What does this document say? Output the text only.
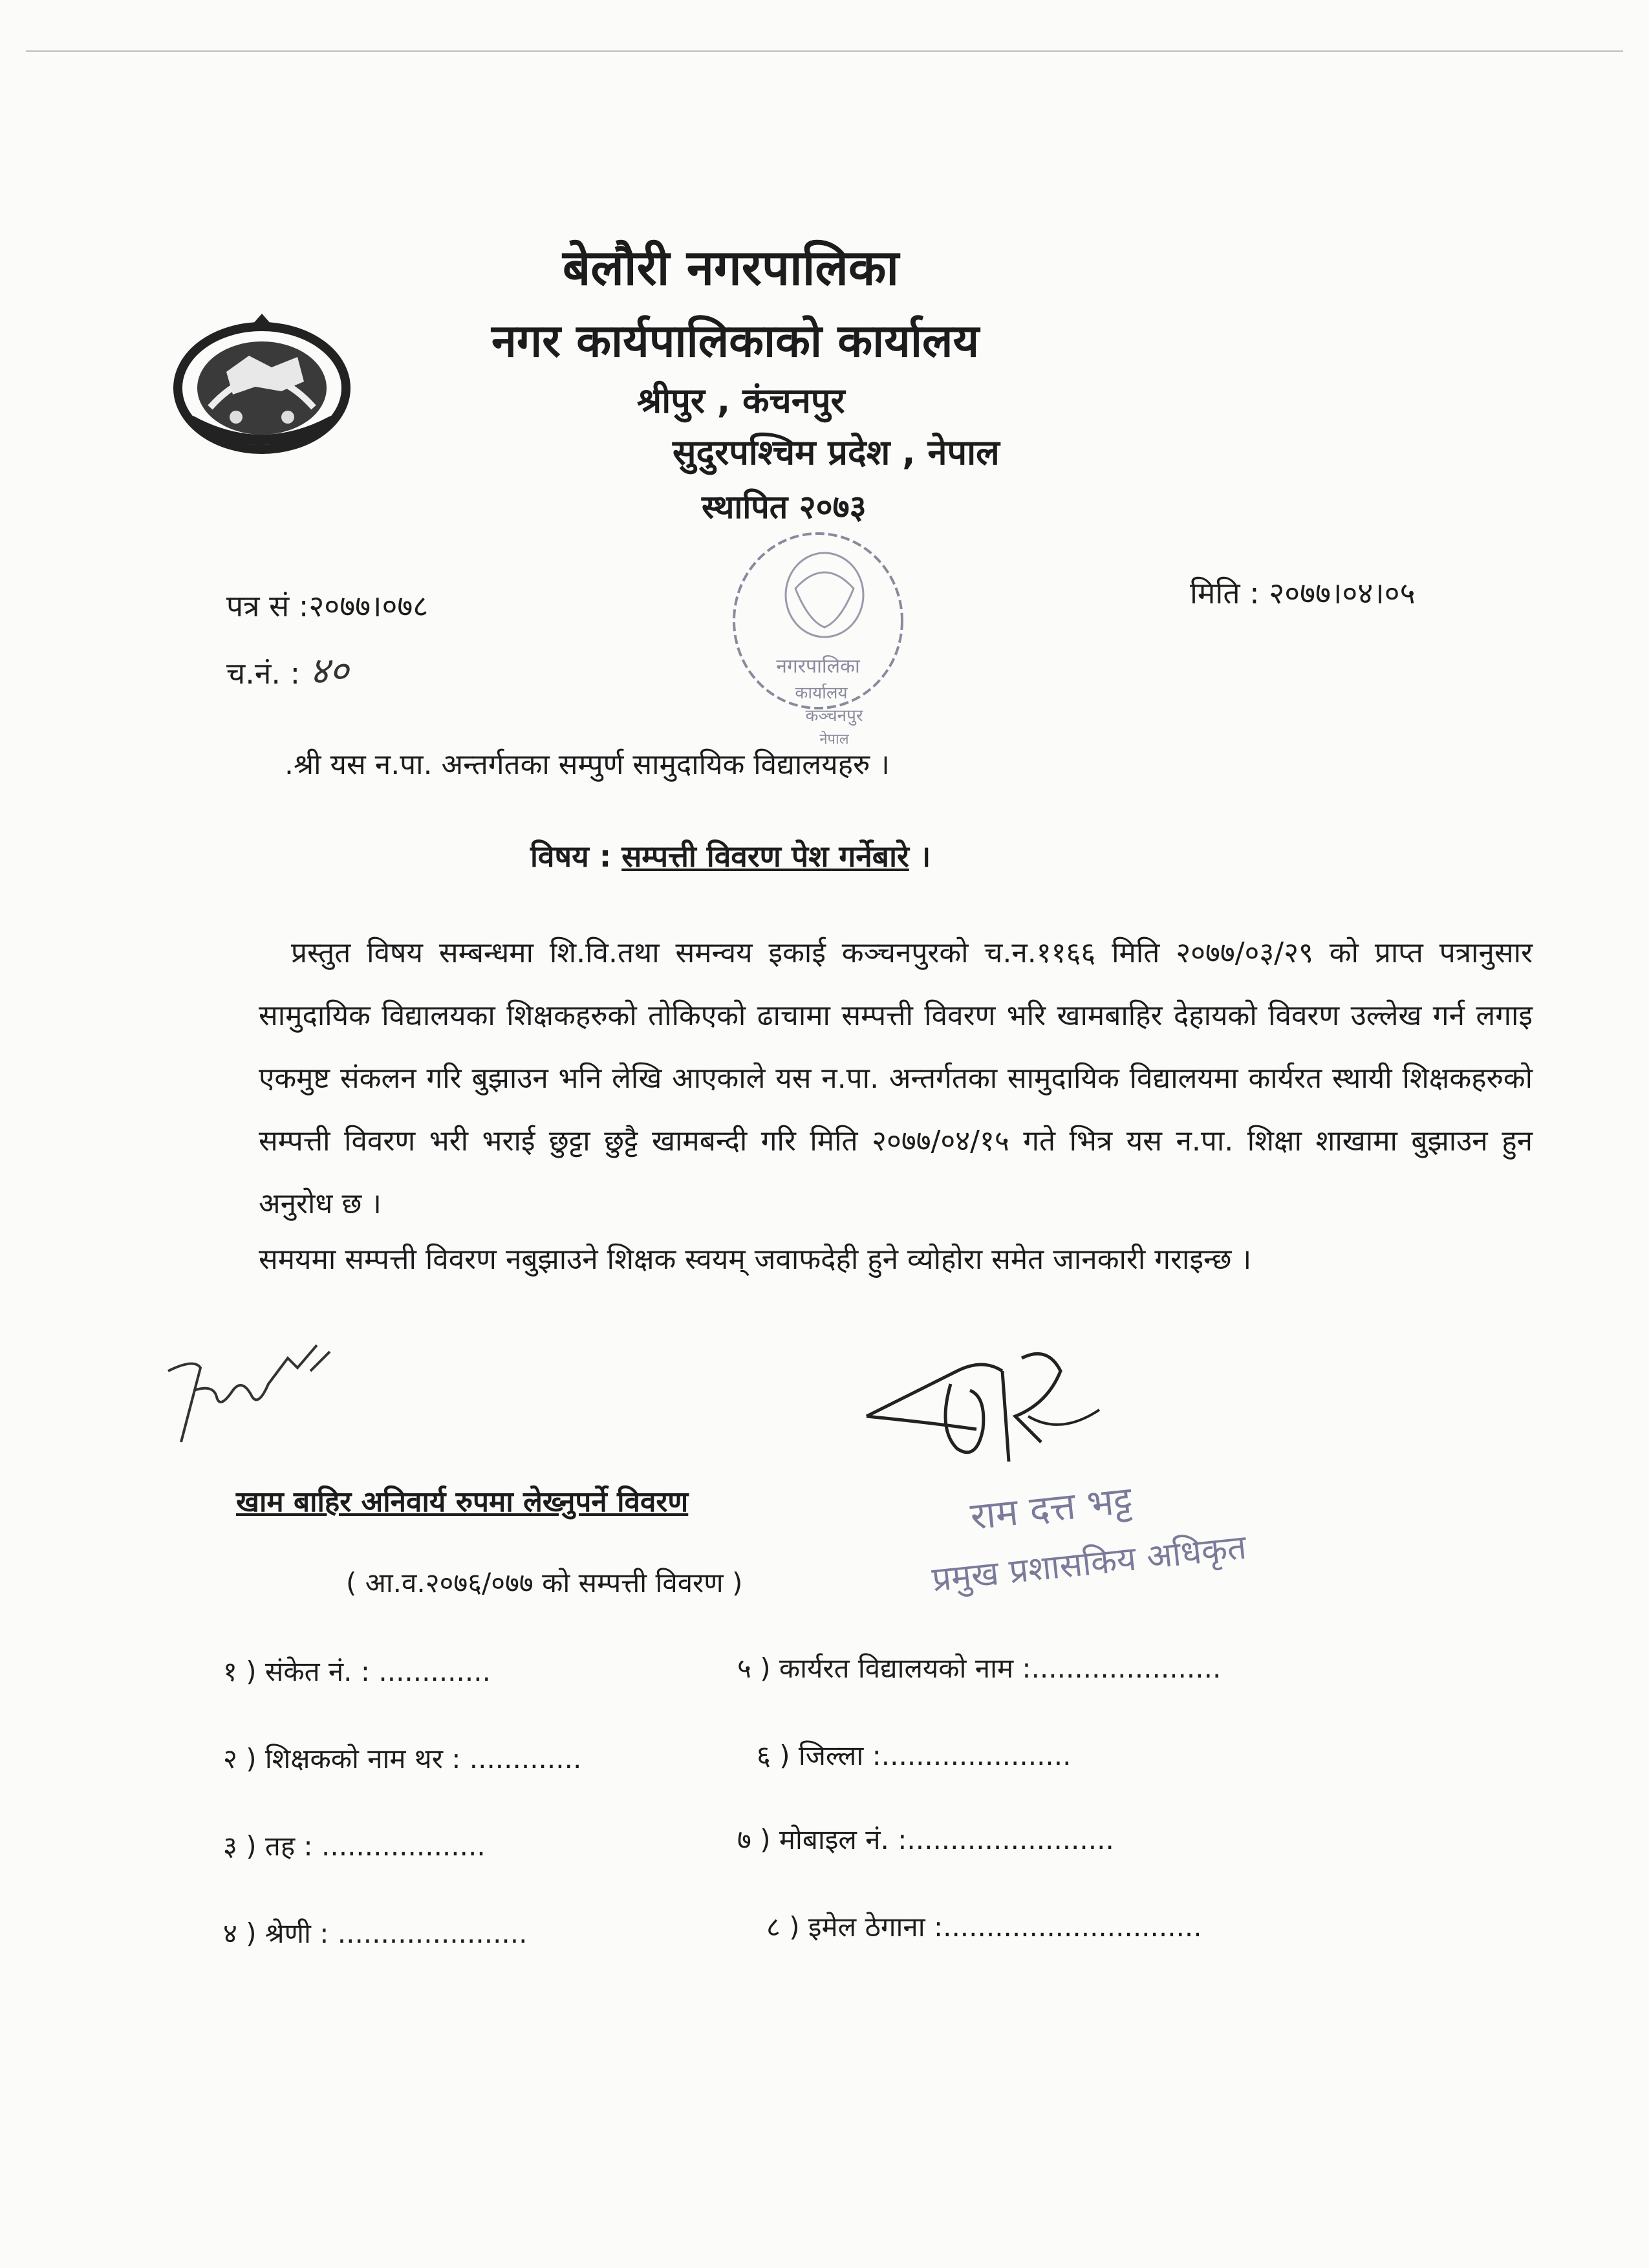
बेलौरी नगरपालिका
नगर कार्यपालिकाको कार्यालय
श्रीपुर , कंचनपुर
सुदुरपश्चिम प्रदेश , नेपाल
स्थापित २०७३
नगरपालिका
कार्यालय
कञ्चनपुर
नेपाल
पत्र सं :२०७७।०७८
च.नं. : ४०
मिति : २०७७।०४।०५
.श्री यस न.पा. अन्तर्गतका सम्पुर्ण सामुदायिक विद्यालयहरु ।
विषय : सम्पत्ती विवरण पेश गर्नेबारे ।

प्रस्तुत विषय सम्बन्धमा शि.वि.तथा समन्वय इकाई कञ्चनपुरको च.न.११६६ मिति २०७७/०३/२९ को प्राप्त पत्रानुसार सामुदायिक विद्यालयका शिक्षकहरुको तोकिएको ढाचामा सम्पत्ती विवरण भरि खामबाहिर देहायको विवरण उल्लेख गर्न लगाइ एकमुष्ट संकलन गरि बुझाउन भनि लेखि आएकाले यस न.पा. अन्तर्गतका सामुदायिक विद्यालयमा कार्यरत स्थायी शिक्षकहरुको सम्पत्ती विवरण भरी भराई छुट्टा छुट्टै खामबन्दी गरि मिति २०७७/०४/१५ गते भित्र यस न.पा. शिक्षा शाखामा बुझाउन हुन अनुरोध छ ।

समयमा सम्पत्ती विवरण नबुझाउने शिक्षक स्वयम् जवाफदेही हुने व्योहोरा समेत जानकारी गराइन्छ ।
राम दत्त भट्ट
प्रमुख प्रशासकिय अधिकृत
खाम बाहिर अनिवार्य रुपमा लेख्नुपर्ने विवरण
( आ.व.२०७६/०७७ को सम्पत्ती विवरण )
१ ) संकेत नं. : .............
२ ) शिक्षकको नाम थर : .............
३ ) तह : ...................
४ ) श्रेणी : ......................
५ ) कार्यरत विद्यालयको नाम :......................
६ ) जिल्ला :......................
७ ) मोबाइल नं. :........................
८ ) इमेल ठेगाना :..............................
